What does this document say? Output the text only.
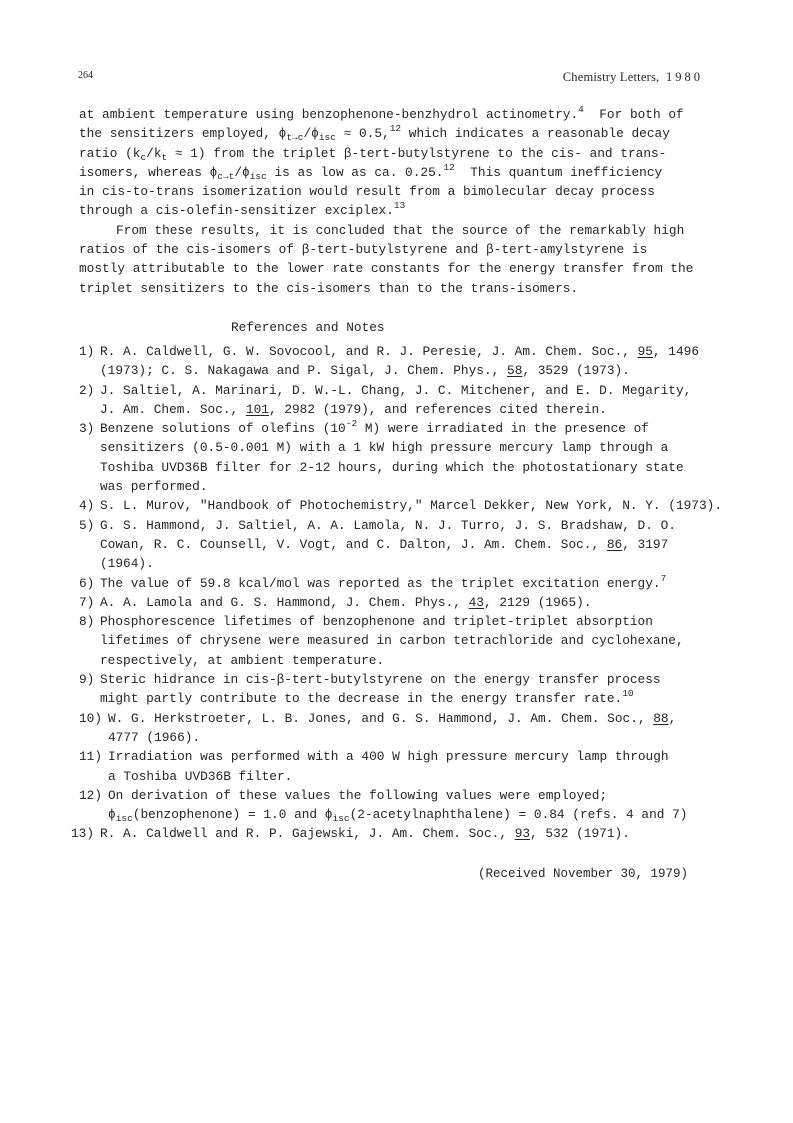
264	Chemistry Letters, 1980

at ambient temperature using benzophenone-benzhydrol actinometry.$^4$  For both of
the sensitizers employed, $\phi_{t\to c}/\phi_{isc} \approx 0.5,12$ which indicates a reasonable decay
ratio $(k_c/k_t \approx 1)$ from the triplet β-tert-butylstyrene to the cis- and trans-
isomers, whereas $\phi_{c\to t}/\phi_{isc}$ is as low as ca. 0.25.12  This quantum inefficiency
in cis-to-trans isomerization would result from a bimolecular decay process
through a cis-olefin-sensitizer exciplex.$^{13}$

From these results, it is concluded that the source of the remarkably high
ratios of the cis-isomers of β-tert-butylstyrene and β-tert-amylstyrene is
mostly attributable to the lower rate constants for the energy transfer from the
triplet sensitizers to the cis-isomers than to the trans-isomers.

References and Notes
1) R. A. Caldwell, G. W. Sovocool, and R. J. Peresie, J. Am. Chem. Soc., 95, 1496
(1973); C. S. Nakagawa and P. Sigal, J. Chem. Phys., 58, 3529 (1973).
2) J. Saltiel, A. Marinari, D. W.-L. Chang, J. C. Mitchener, and E. D. Megarity,
J. Am. Chem. Soc., 101, 2982 (1979), and references cited therein.
3) Benzene solutions of olefins ($10^{-2}$ M) were irradiated in the presence of
sensitizers (0.5-0.001 M) with a 1 kW high pressure mercury lamp through a
Toshiba UVD36B filter for 2-12 hours, during which the photostationary state
was performed.
4) S. L. Murov, "Handbook of Photochemistry," Marcel Dekker, New York, N. Y. (1973).
5) G. S. Hammond, J. Saltiel, A. A. Lamola, N. J. Turro, J. S. Bradshaw, D. O.
Cowan, R. C. Counsell, V. Vogt, and C. Dalton, J. Am. Chem. Soc., 86, 3197
(1964).
6) The value of 59.8 kcal/mol was reported as the triplet excitation energy.$^7$
7) A. A. Lamola and G. S. Hammond, J. Chem. Phys., 43, 2129 (1965).
8) Phosphorescence lifetimes of benzophenone and triplet-triplet absorption
lifetimes of chrysene were measured in carbon tetrachloride and cyclohexane,
respectively, at ambient temperature.
9) Steric hidrance in cis-β-tert-butylstyrene on the energy transfer process
might partly contribute to the decrease in the energy transfer rate.$^{10}$
10) W. G. Herkstroeter, L. B. Jones, and G. S. Hammond, J. Am. Chem. Soc., 88,
4777 (1966).
11) Irradiation was performed with a 400 W high pressure mercury lamp through
a Toshiba UVD36B filter.
12) On derivation of these values the following values were employed;
$\phi_{isc}(benzophenone) = 1.0$ and $\phi_{isc}(2-acetylnaphthalene) = 0.84$ (refs. 4 and 7)
13) R. A. Caldwell and R. P. Gajewski, J. Am. Chem. Soc., 93, 532 (1971).
(Received November 30, 1979)
